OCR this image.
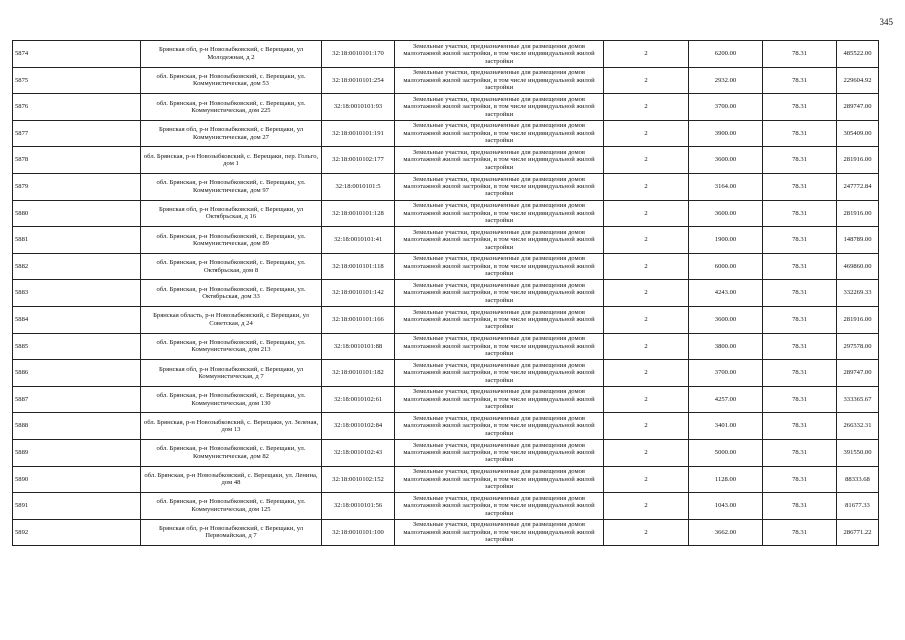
345
5874	Брянская обл, р-н Новозыбковский, с Верещаки, ул Молодежная, д 2	32:18:0010101:170	Земельные участки, предназначенные для размещения домов малоэтажной жилой застройки, в том числе индивидуальной жилой застройки	2	6200.00	78.31	485522.00
5875	обл. Брянская, р-н Новозыбковский, с. Верещаки, ул. Коммунистическая, дом 53	32:18:0010101:254	Земельные участки, предназначенные для размещения домов малоэтажной жилой застройки, в том числе индивидуальной жилой застройки	2	2932.00	78.31	229604.92
5876	обл. Брянская, р-н Новозыбковский, с. Верещаки, ул. Коммунистическая, дом 225	32:18:0010101:93	Земельные участки, предназначенные для размещения домов малоэтажной жилой застройки, в том числе индивидуальной жилой застройки	2	3700.00	78.31	289747.00
5877	Брянская обл, р-н Новозыбковский, с Верещаки, ул Коммунистическая, дом 27	32:18:0010101:191	Земельные участки, предназначенные для размещения домов малоэтажной жилой застройки, в том числе индивидуальной жилой застройки	2	3900.00	78.31	305409.00
5878	обл. Брянская, р-н Новозыбковский, с. Верещаки, пер. Гольго, дом 1	32:18:0010102:177	Земельные участки, предназначенные для размещения домов малоэтажной жилой застройки, в том числе индивидуальной жилой застройки	2	3600.00	78.31	281916.00
5879	обл. Брянская, р-н Новозыбковский, с. Верещаки, ул. Коммунистическая, дом 97	32:18:0010101:5	Земельные участки, предназначенные для размещения домов малоэтажной жилой застройки, в том числе индивидуальной жилой застройки	2	3164.00	78.31	247772.84
5880	Брянская обл, р-н Новозыбковский, с Верещаки, ул Октябрьская, д 16	32:18:0010101:128	Земельные участки, предназначенные для размещения домов малоэтажной жилой застройки, в том числе индивидуальной жилой застройки	2	3600.00	78.31	281916.00
5881	обл. Брянская, р-н Новозыбковский, с. Верещаки, ул. Коммунистическая, дом 89	32:18:0010101:41	Земельные участки, предназначенные для размещения домов малоэтажной жилой застройки, в том числе индивидуальной жилой застройки	2	1900.00	78.31	148789.00
5882	обл. Брянская, р-н Новозыбковский, с. Верещаки, ул. Октябрьская, дом 8	32:18:0010101:118	Земельные участки, предназначенные для размещения домов малоэтажной жилой застройки, в том числе индивидуальной жилой застройки	2	6000.00	78.31	469860.00
5883	обл. Брянская, р-н Новозыбковский, с. Верещаки, ул. Октябрьская, дом 33	32:18:0010101:142	Земельные участки, предназначенные для размещения домов малоэтажной жилой застройки, в том числе индивидуальной жилой застройки	2	4243.00	78.31	332269.33
5884	Брянская область, р-н Новозыбковский, с Верещаки, ул Советская, д 24	32:18:0010101:166	Земельные участки, предназначенные для размещения домов малоэтажной жилой застройки, в том числе индивидуальной жилой застройки	2	3600.00	78.31	281916.00
5885	обл. Брянская, р-н Новозыбковский, с. Верещаки, ул. Коммунистическая, дом 213	32:18:0010101:88	Земельные участки, предназначенные для размещения домов малоэтажной жилой застройки, в том числе индивидуальной жилой застройки	2	3800.00	78.31	297578.00
5886	Брянская обл, р-н Новозыбковский, с Верещаки, ул Коммунистическая, д 7	32:18:0010101:182	Земельные участки, предназначенные для размещения домов малоэтажной жилой застройки, в том числе индивидуальной жилой застройки	2	3700.00	78.31	289747.00
5887	обл. Брянская, р-н Новозыбковский, с. Верещаки, ул. Коммунистическая, дом 130	32:18:0010102:61	Земельные участки, предназначенные для размещения домов малоэтажной жилой застройки, в том числе индивидуальной жилой застройки	2	4257.00	78.31	333365.67
5888	обл. Брянская, р-н Новозыбковский, с. Верещаки, ул. Зеленая, дом 13	32:18:0010102:84	Земельные участки, предназначенные для размещения домов малоэтажной жилой застройки, в том числе индивидуальной жилой застройки	2	3401.00	78.31	266332.31
5889	обл. Брянская, р-н Новозыбковский, с. Верещаки, ул. Коммунистическая, дом 82	32:18:0010102:43	Земельные участки, предназначенные для размещения домов малоэтажной жилой застройки, в том числе индивидуальной жилой застройки	2	5000.00	78.31	391550.00
5890	обл. Брянская, р-н Новозыбковский, с. Верещаки, ул. Ленина, дом 48	32:18:0010102:152	Земельные участки, предназначенные для размещения домов малоэтажной жилой застройки, в том числе индивидуальной жилой застройки	2	1128.00	78.31	88333.68
5891	обл. Брянская, р-н Новозыбковский, с. Верещаки, ул. Коммунистическая, дом 125	32:18:0010101:56	Земельные участки, предназначенные для размещения домов малоэтажной жилой застройки, в том числе индивидуальной жилой застройки	2	1043.00	78.31	81677.33
5892	Брянская обл, р-н Новозыбковский, с Верещаки, ул Первомайская, д 7	32:18:0010101:100	Земельные участки, предназначенные для размещения домов малоэтажной жилой застройки, в том числе индивидуальной жилой застройки	2	3662.00	78.31	286771.22
